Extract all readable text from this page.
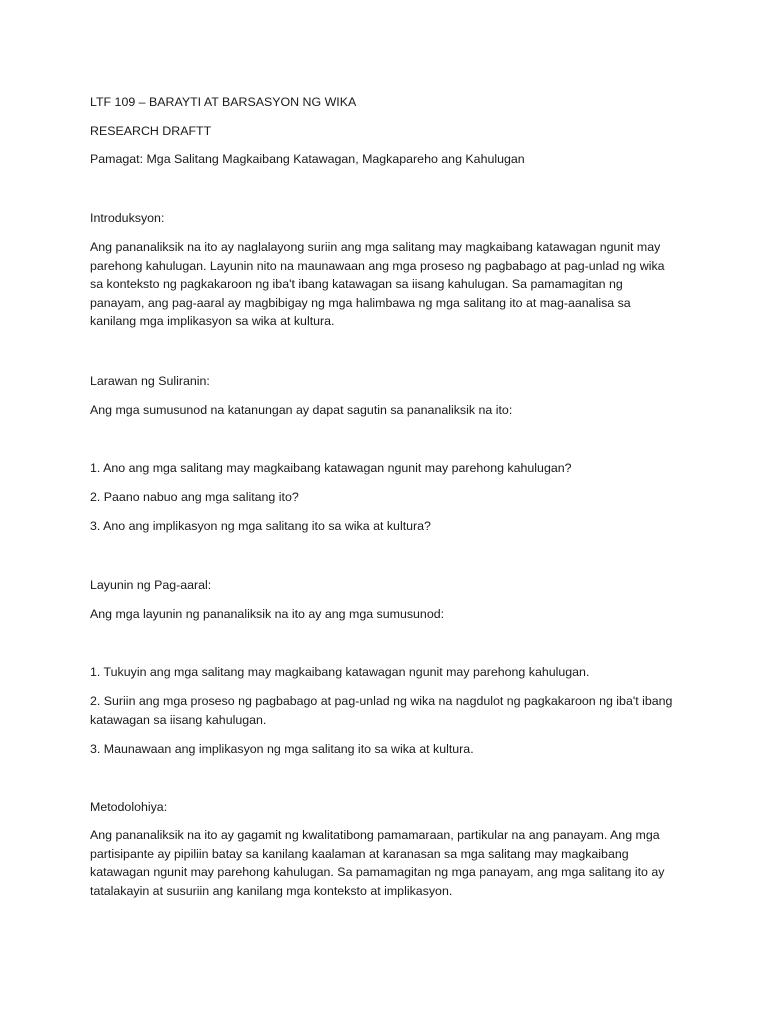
LTF 109 – BARAYTI AT BARSASYON NG WIKA

RESEARCH DRAFTT

Pamagat: Mga Salitang Magkaibang Katawagan, Magkapareho ang Kahulugan

Introduksyon:

Ang pananaliksik na ito ay naglalayong suriin ang mga salitang may magkaibang katawagan ngunit may
parehong kahulugan. Layunin nito na maunawaan ang mga proseso ng pagbabago at pag-unlad ng wika
sa konteksto ng pagkakaroon ng iba't ibang katawagan sa iisang kahulugan. Sa pamamagitan ng
panayam, ang pag-aaral ay magbibigay ng mga halimbawa ng mga salitang ito at mag-aanalisa sa
kanilang mga implikasyon sa wika at kultura.

Larawan ng Suliranin:

Ang mga sumusunod na katanungan ay dapat sagutin sa pananaliksik na ito:

1. Ano ang mga salitang may magkaibang katawagan ngunit may parehong kahulugan?

2. Paano nabuo ang mga salitang ito?

3. Ano ang implikasyon ng mga salitang ito sa wika at kultura?

Layunin ng Pag-aaral:

Ang mga layunin ng pananaliksik na ito ay ang mga sumusunod:

1. Tukuyin ang mga salitang may magkaibang katawagan ngunit may parehong kahulugan.

2. Suriin ang mga proseso ng pagbabago at pag-unlad ng wika na nagdulot ng pagkakaroon ng iba't ibang
katawagan sa iisang kahulugan.

3. Maunawaan ang implikasyon ng mga salitang ito sa wika at kultura.

Metodolohiya:

Ang pananaliksik na ito ay gagamit ng kwalitatibong pamamaraan, partikular na ang panayam. Ang mga
partisipante ay pipiliin batay sa kanilang kaalaman at karanasan sa mga salitang may magkaibang
katawagan ngunit may parehong kahulugan. Sa pamamagitan ng mga panayam, ang mga salitang ito ay
tatalakayin at susuriin ang kanilang mga konteksto at implikasyon.
